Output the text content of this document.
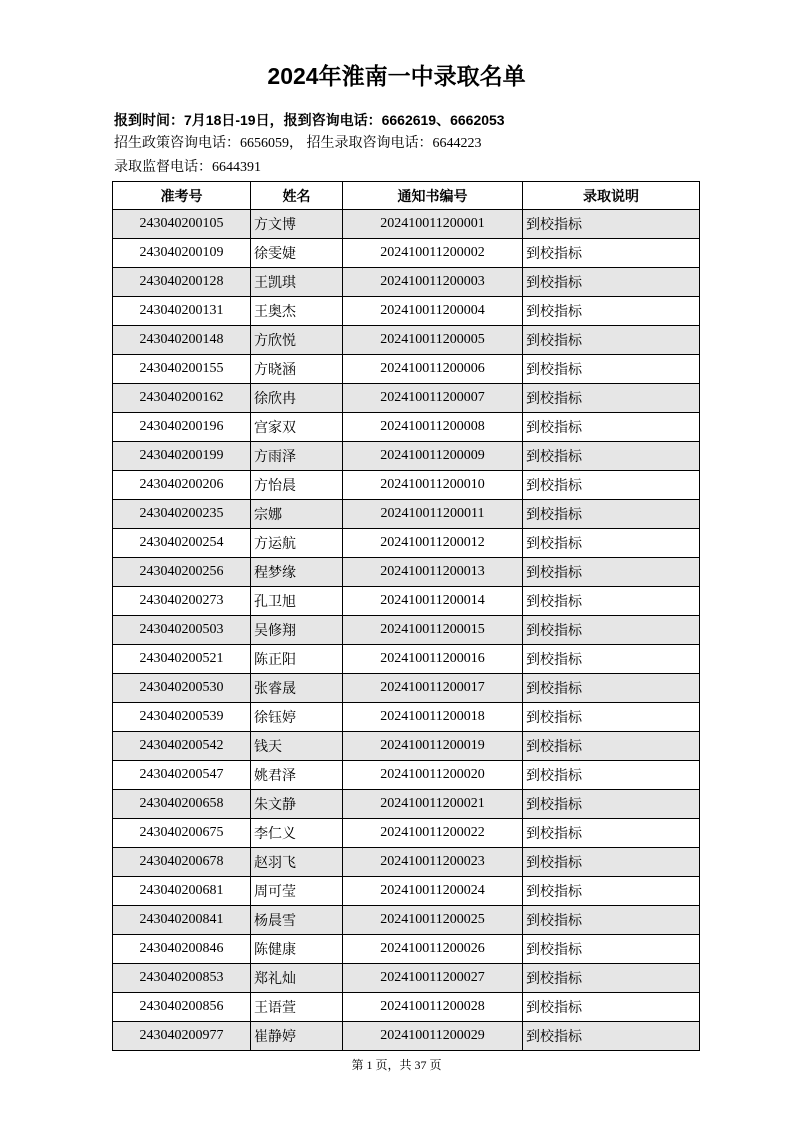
2024年淮南一中录取名单
报到时间：7月18日-19日，报到咨询电话：6662619、6662053
招生政策咨询电话：6656059， 招生录取咨询电话：6644223
录取监督电话：6644391
准考号	姓名	通知书编号	录取说明
243040200105	方文博	202410011200001	到校指标
243040200109	徐雯婕	202410011200002	到校指标
243040200128	王凯琪	202410011200003	到校指标
243040200131	王奥杰	202410011200004	到校指标
243040200148	方欣悦	202410011200005	到校指标
243040200155	方晓涵	202410011200006	到校指标
243040200162	徐欣冉	202410011200007	到校指标
243040200196	宫家双	202410011200008	到校指标
243040200199	方雨泽	202410011200009	到校指标
243040200206	方怡晨	202410011200010	到校指标
243040200235	宗娜	202410011200011	到校指标
243040200254	方运航	202410011200012	到校指标
243040200256	程梦缘	202410011200013	到校指标
243040200273	孔卫旭	202410011200014	到校指标
243040200503	吴修翔	202410011200015	到校指标
243040200521	陈正阳	202410011200016	到校指标
243040200530	张睿晟	202410011200017	到校指标
243040200539	徐钰婷	202410011200018	到校指标
243040200542	钱天	202410011200019	到校指标
243040200547	姚君泽	202410011200020	到校指标
243040200658	朱文静	202410011200021	到校指标
243040200675	李仁义	202410011200022	到校指标
243040200678	赵羽飞	202410011200023	到校指标
243040200681	周可莹	202410011200024	到校指标
243040200841	杨晨雪	202410011200025	到校指标
243040200846	陈健康	202410011200026	到校指标
243040200853	郑礼灿	202410011200027	到校指标
243040200856	王语萱	202410011200028	到校指标
243040200977	崔静婷	202410011200029	到校指标
第 1 页，共 37 页
